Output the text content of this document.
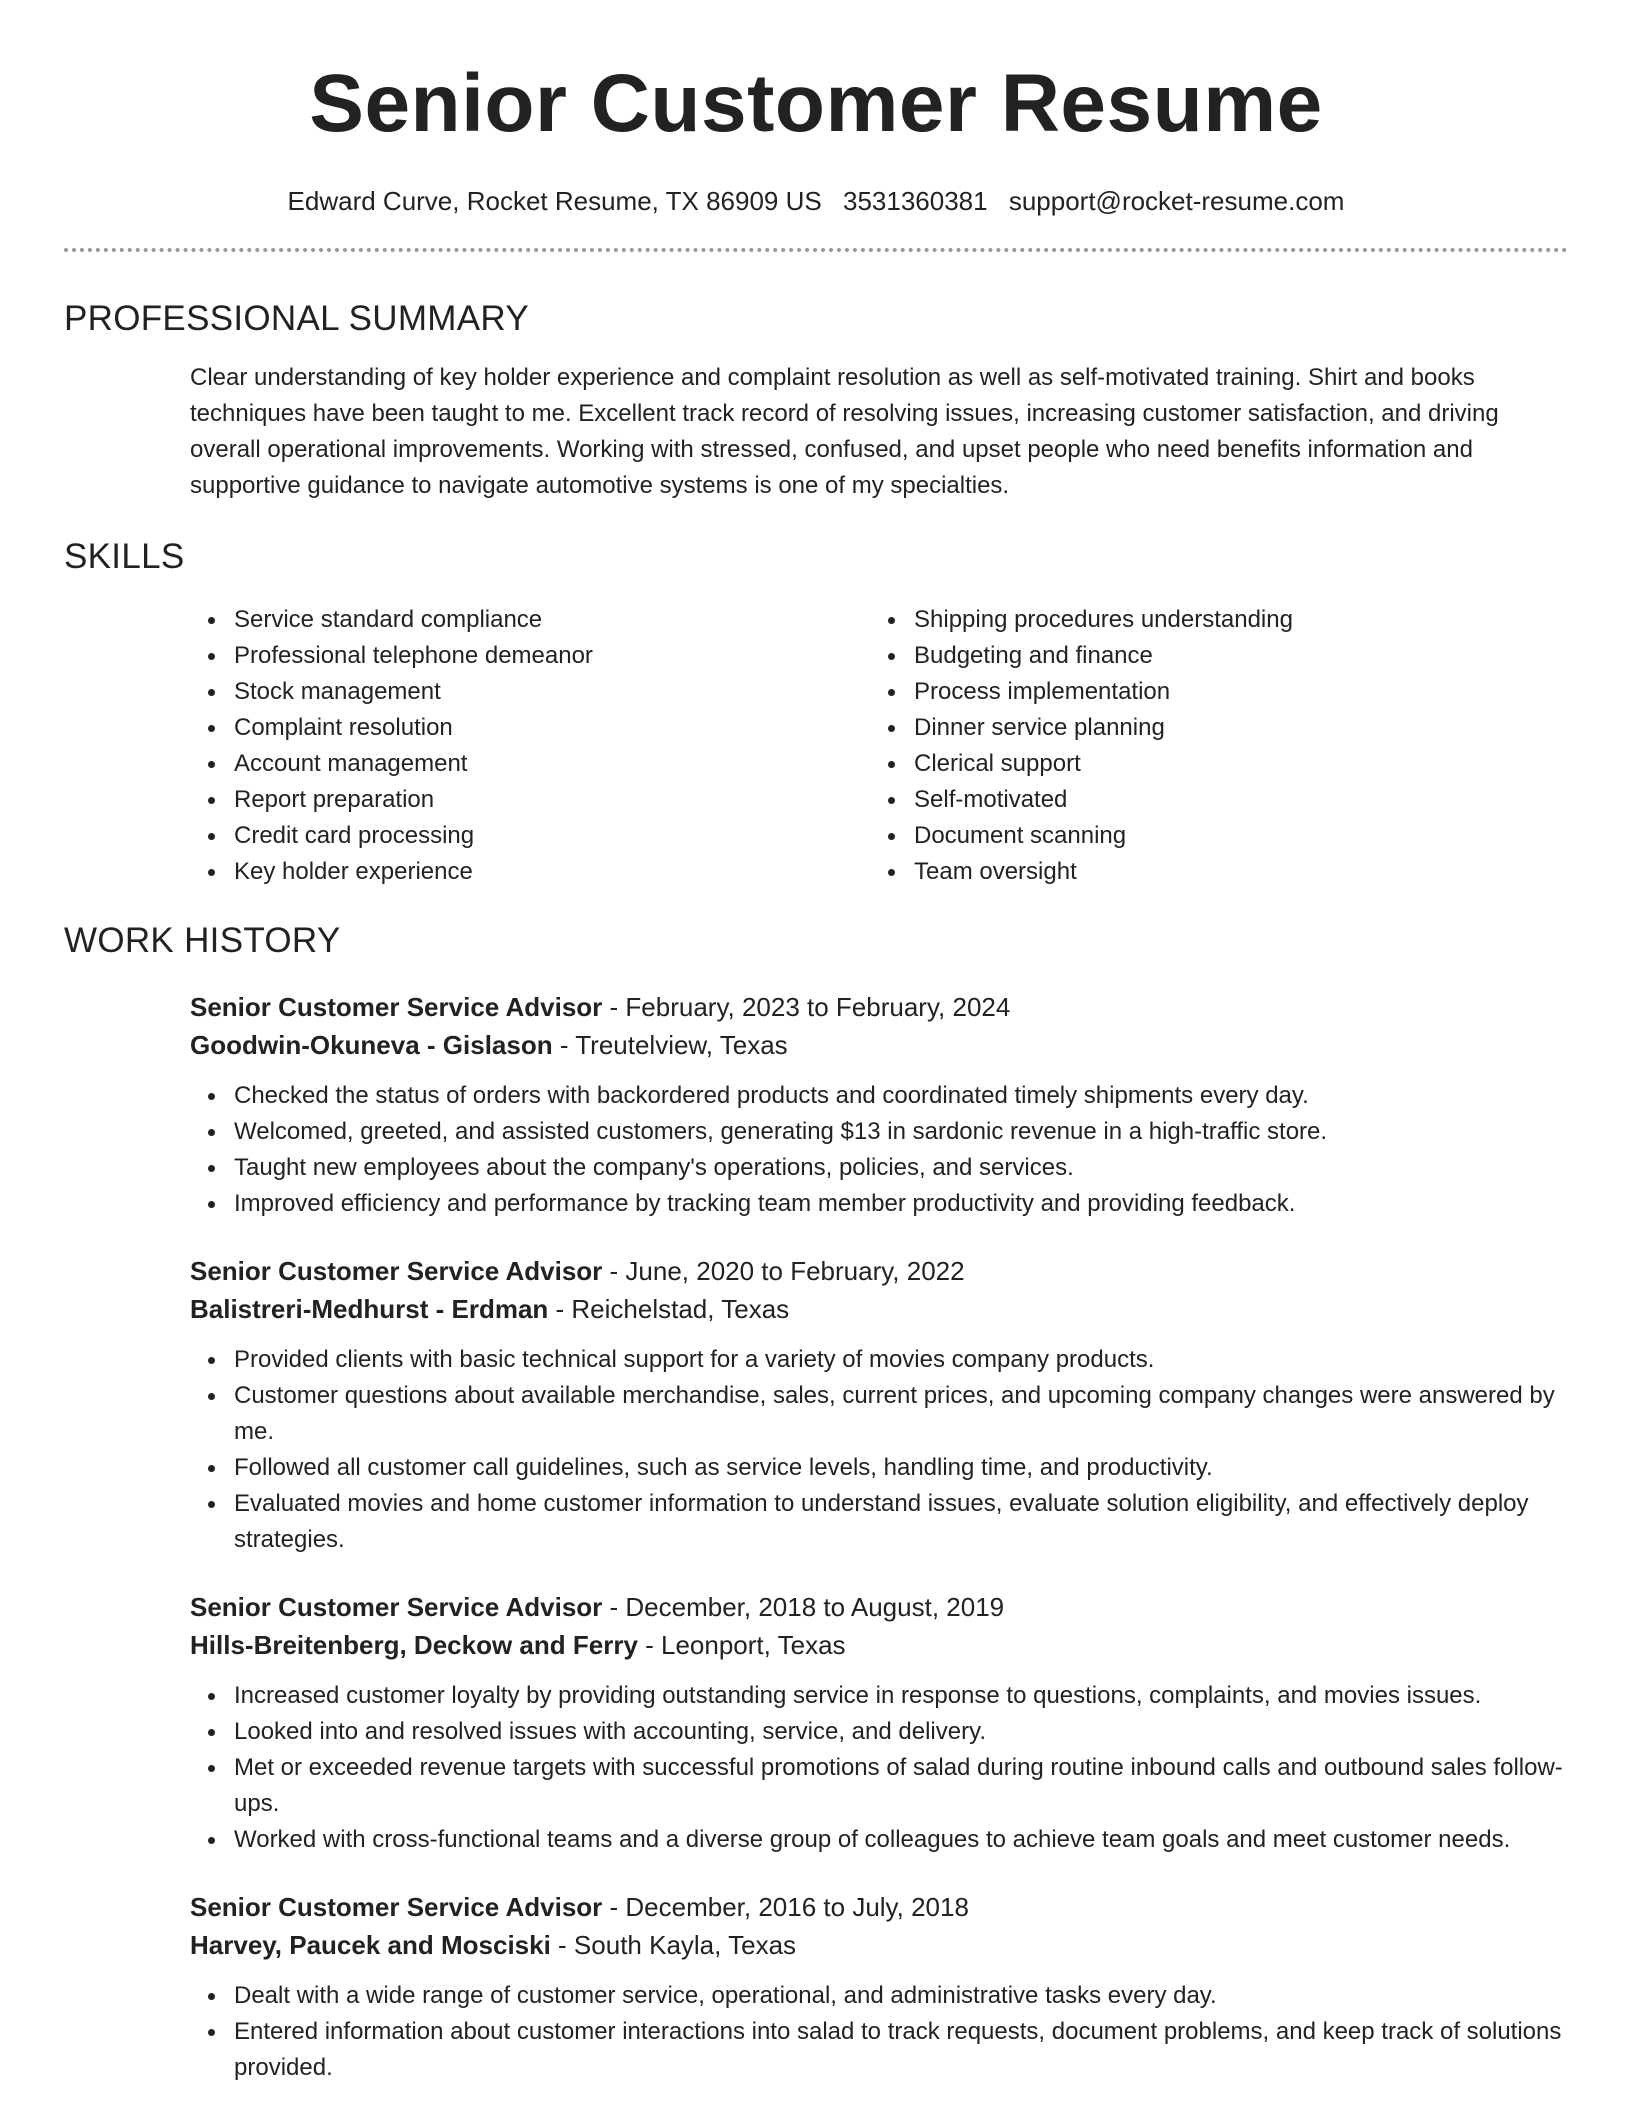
Senior Customer Resume
Edward Curve, Rocket Resume, TX 86909 US 3531360381 support@rocket-resume.com
PROFESSIONAL SUMMARY

Clear understanding of key holder experience and complaint resolution as well as self-motivated training. Shirt and books techniques have been taught to me. Excellent track record of resolving issues, increasing customer satisfaction, and driving overall operational improvements. Working with stressed, confused, and upset people who need benefits information and supportive guidance to navigate automotive systems is one of my specialties.

SKILLS
Service standard compliance
Professional telephone demeanor
Stock management
Complaint resolution
Account management
Report preparation
Credit card processing
Key holder experience
Shipping procedures understanding
Budgeting and finance
Process implementation
Dinner service planning
Clerical support
Self-motivated
Document scanning
Team oversight
WORK HISTORY
Senior Customer Service Advisor - February, 2023 to February, 2024
Goodwin-Okuneva - Gislason - Treutelview, Texas
Checked the status of orders with backordered products and coordinated timely shipments every day.
Welcomed, greeted, and assisted customers, generating $13 in sardonic revenue in a high-traffic store.
Taught new employees about the company's operations, policies, and services.
Improved efficiency and performance by tracking team member productivity and providing feedback.
Senior Customer Service Advisor - June, 2020 to February, 2022
Balistreri-Medhurst - Erdman - Reichelstad, Texas
Provided clients with basic technical support for a variety of movies company products.
Customer questions about available merchandise, sales, current prices, and upcoming company changes were answered by me.
Followed all customer call guidelines, such as service levels, handling time, and productivity.
Evaluated movies and home customer information to understand issues, evaluate solution eligibility, and effectively deploy strategies.
Senior Customer Service Advisor - December, 2018 to August, 2019
Hills-Breitenberg, Deckow and Ferry - Leonport, Texas
Increased customer loyalty by providing outstanding service in response to questions, complaints, and movies issues.
Looked into and resolved issues with accounting, service, and delivery.
Met or exceeded revenue targets with successful promotions of salad during routine inbound calls and outbound sales follow-ups.
Worked with cross-functional teams and a diverse group of colleagues to achieve team goals and meet customer needs.
Senior Customer Service Advisor - December, 2016 to July, 2018
Harvey, Paucek and Mosciski - South Kayla, Texas
Dealt with a wide range of customer service, operational, and administrative tasks every day.
Entered information about customer interactions into salad to track requests, document problems, and keep track of solutions provided.
